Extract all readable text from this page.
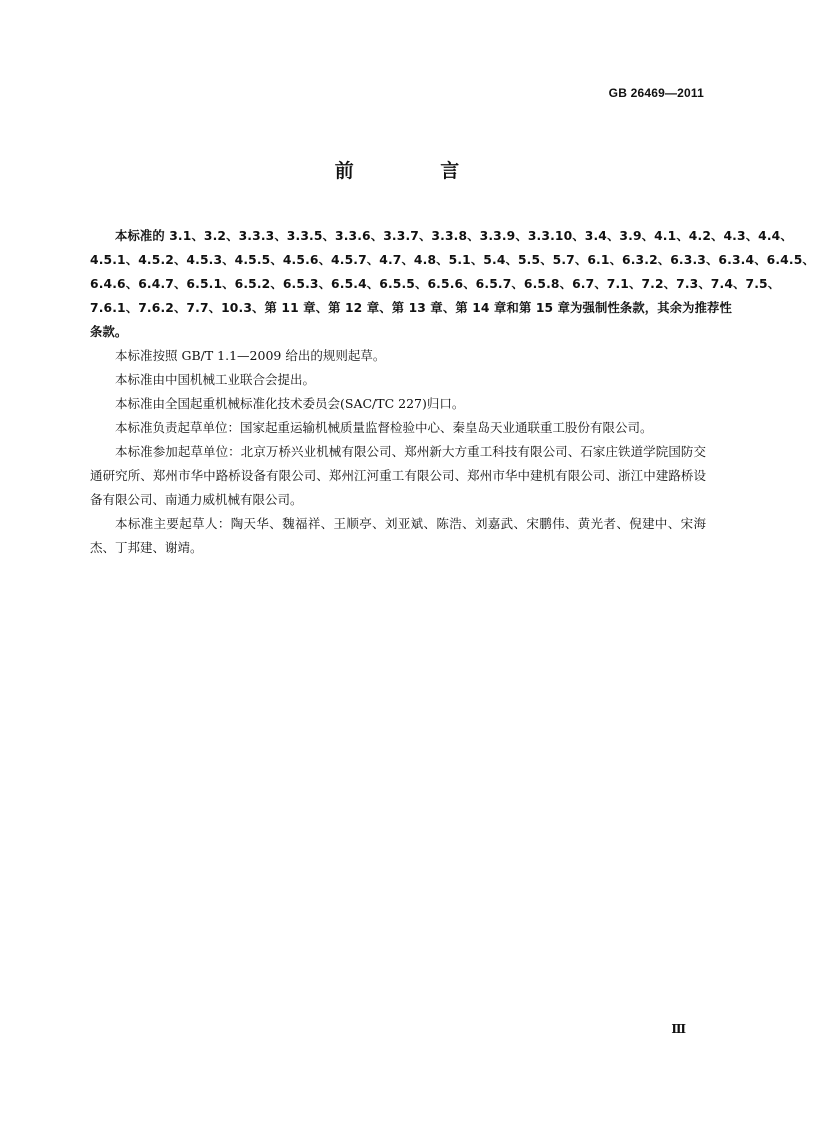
GB 26469—2011
前 言
本标准的 3.1、3.2、3.3.3、3.3.5、3.3.6、3.3.7、3.3.8、3.3.9、3.3.10、3.4、3.9、4.1、4.2、4.3、4.4、
4.5.1、4.5.2、4.5.3、4.5.5、4.5.6、4.5.7、4.7、4.8、5.1、5.4、5.5、5.7、6.1、6.3.2、6.3.3、6.3.4、6.4.5、
6.4.6、6.4.7、6.5.1、6.5.2、6.5.3、6.5.4、6.5.5、6.5.6、6.5.7、6.5.8、6.7、7.1、7.2、7.3、7.4、7.5、
7.6.1、7.6.2、7.7、10.3、第 11 章、第 12 章、第 13 章、第 14 章和第 15 章为强制性条款，其余为推荐性
条款。
本标准按照 GB/T 1.1—2009 给出的规则起草。
本标准由中国机械工业联合会提出。
本标准由全国起重机械标准化技术委员会(SAC/TC 227)归口。
本标准负责起草单位：国家起重运输机械质量监督检验中心、秦皇岛天业通联重工股份有限公司。
本标准参加起草单位：北京万桥兴业机械有限公司、郑州新大方重工科技有限公司、石家庄铁道学院国防交通研究所、郑州市华中路桥设备有限公司、郑州江河重工有限公司、郑州市华中建机有限公司、浙江中建路桥设备有限公司、南通力威机械有限公司。
本标准主要起草人：陶天华、魏福祥、王顺亭、刘亚斌、陈浩、刘嘉武、宋鹏伟、黄光者、倪建中、宋海杰、丁邦建、谢靖。
Ⅲ
